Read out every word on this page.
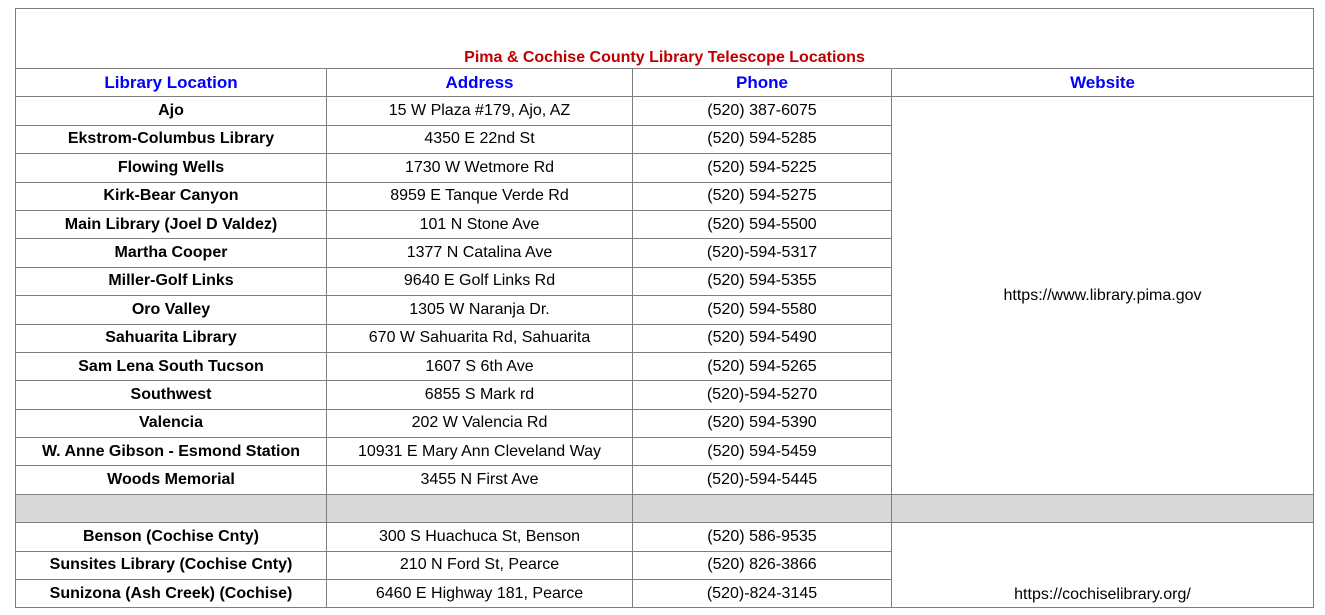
Pima & Cochise County Library Telescope Locations			
Library Location	Address	Phone	Website
Ajo	15 W Plaza #179, Ajo, AZ	(520) 387-6075	https://www.library.pima.gov
Ekstrom-Columbus Library	4350 E 22nd St	(520) 594-5285	
Flowing Wells	1730 W Wetmore Rd	(520) 594-5225	
Kirk-Bear Canyon	8959 E Tanque Verde Rd	(520) 594-5275	
Main Library (Joel D Valdez)	101 N Stone Ave	(520) 594-5500	
Martha Cooper	1377 N Catalina Ave	(520)-594-5317	
Miller-Golf Links	9640 E Golf Links Rd	(520) 594-5355	
Oro Valley	1305 W Naranja Dr.	(520) 594-5580	
Sahuarita Library	670 W Sahuarita Rd, Sahuarita	(520) 594-5490	
Sam Lena South Tucson	1607 S 6th Ave	(520) 594-5265	
Southwest	6855 S Mark rd	(520)-594-5270	
Valencia	202 W Valencia Rd	(520) 594-5390	
W. Anne Gibson - Esmond Station	10931 E Mary Ann Cleveland Way	(520) 594-5459	
Woods Memorial	3455 N First Ave	(520)-594-5445	

Benson (Cochise Cnty)	300 S Huachuca St, Benson	(520) 586-9535	https://cochiselibrary.org/
Sunsites Library (Cochise Cnty)	210 N Ford St, Pearce	(520) 826-3866	
Sunizona (Ash Creek) (Cochise)	6460 E Highway 181, Pearce	(520)-824-3145	
